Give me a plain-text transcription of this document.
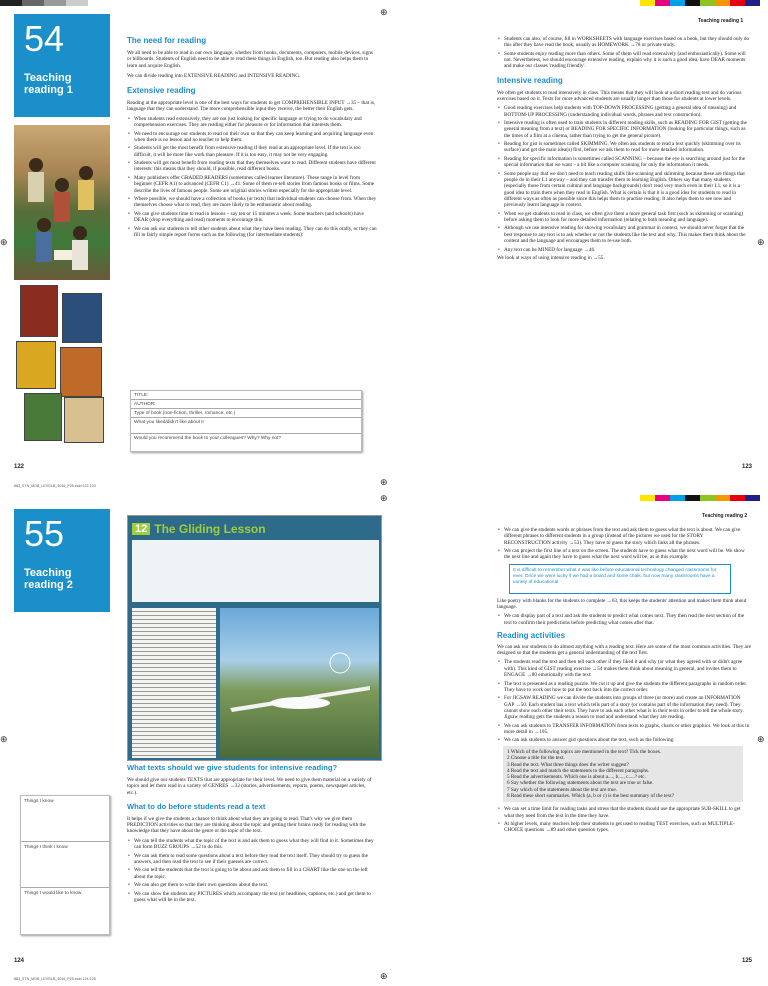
54
Teaching reading 1
The need for reading

We all need to be able to read in our own language, whether from books, documents, computers, mobile devices, signs or billboards. Students of English need to be able to read these things in English, too. But reading also helps them to learn and acquire English.

We can divide reading into EXTENSIVE READING and INTENSIVE READING.

Extensive reading

Reading at the appropriate level is one of the best ways for students to get COMPREHENSIBLE INPUT →35 – that is, language that they can understand. The more comprehensible input they receive, the better their English gets.

• When students read extensively, they are not just looking for specific language or trying to do vocabulary and comprehension exercises. They are reading either for pleasure or for information that interests them.
• We need to encourage our students to read on their own so that they can keep learning and acquiring language even when there is no lesson and no teacher to help them.
• Students will get the most benefit from extensive reading if they read at an appropriate level. If the text is too difficult, it will be more like work than pleasure. If it is too easy, it may not be very engaging.
• Students will get most benefit from reading texts that they themselves want to read. Different students have different interests: this means that they should, if possible, read different books.
• Many publishers offer GRADED READERS (sometimes called learner literature). These range in level from beginner (CEFR A1) to advanced (CEFR C1) →41. Some of them re-tell stories from famous books or films. Some describe the lives of famous people. Some are original stories written especially for the appropriate level.
• Where possible, we should have a collection of books (or texts) that individual students can choose from. When they themselves choose what to read, they are more likely to be enthusiastic about reading.
• We can give students time to read in lessons – say ten or 15 minutes a week. Some teachers (and schools) have DEAR (drop everything and read) moments to encourage this.
• We can ask our students to tell other students about what they have been reading. They can do this orally, or they can fill in fairly simple report forms such as the following (for intermediate students):
TITLE:
AUTHOR:
Type of book (non-fiction, thriller, romance, etc.)
What you liked/didn't like about it
Would you recommend the book to your colleagues? Why? Why not?
122
Teaching reading 1
• Students can also, of course, fill in WORKSHEETS with language exercises based on a book, but they should only do this after they have read the book, usually as HOMEWORK →78 or private study.
• Some students enjoy reading more than others. Some of them will read extensively (and enthusiastically). Some will not. Nevertheless, we should encourage extensive reading, explain why it is such a good idea, have DEAR moments and make our classes 'reading friendly'.
Intensive reading

We often get students to read intensively in class. This means that they will look at a short reading text and do various exercises based on it. Texts for more advanced students are usually longer than those for students at lower levels.

• Good reading exercises help students with TOP-DOWN PROCESSING (getting a general idea of meaning) and BOTTOM-UP PROCESSING (understanding individual words, phrases and text construction).
• Intensive reading is often used to train students in different reading skills, such as READING FOR GIST (getting the general meaning from a text) or READING FOR SPECIFIC INFORMATION (looking for particular things, such as the times of a film at a cinema, rather than trying to get the general picture).
• Reading for gist is sometimes called SKIMMING. We often ask students to read a text quickly (skimming over its surface) and get the main idea(s) first, before we ask them to read for more detailed information.
• Reading for specific information is sometimes called SCANNING – because the eye is searching around just for the special information that we want – a bit like a computer scanning for only the information it needs.
• Some people say that we don't need to teach reading skills like scanning and skimming because these are things that people do in their L1 anyway – and they can transfer them to learning English. Others say that many students (especially those from certain cultural and language backgrounds) don't read very much even in their L1, so it is a good idea to train them when they read in English. What is certain is that it is a good idea for students to read in different ways as often as possible since this helps them to practise reading. It also helps them to see now and previously learnt language in context.
• When we get students to read in class, we often give them a more general task first (such as skimming or scanning) before asking them to look for more detailed information (relating to both meaning and language).
• Although we use intensive reading for showing vocabulary and grammar in context, we should never forget that the best response to any text is to ask whether or not the students like the text and why. This makes them think about the content and the language and encourages them to re-use both.
• Any text can be MINED for language →46.

We look at ways of using intensive reading in →55.

123
883_STN_MOB_LEVGLB_3016_P25.indd 122-123
⊕
⊕
⊕
⊕
⊕
⊕	⊕
⊕
55
Teaching reading 2
12 The Gliding Lesson
What texts should we give students for intensive reading?

We should give our students TEXTS that are appropriate for their level. We need to give them material on a variety of topics and let them read in a variety of GENRES →32 (stories, advertisements, reports, poems, newspaper articles, etc.).

What to do before students read a text

It helps if we give the students a chance to think about what they are going to read. That's why we give them PREDICTION activities so that they are thinking about the topic and getting their brains ready for reading with the knowledge that they have about the genre or the topic of the text.

• We can tell the students what the topic of the text is and ask them to guess what they will find in it. Sometimes they can form BUZZ GROUPS →52 to do this.
• We can ask them to read some questions about a text before they read the text itself. They should try to guess the answers, and then read the text to see if their guesses are correct.
• We can tell the students that the text is going to be about and ask them to fill in a CHART like the one on the left about the topic.
• We can also get them to write their own questions about the text.
• We can show the students any PICTURES which accompany the text (or headlines, captions, etc.) and get them to guess what will be in the text.
Things I know
Things I think I know
Things I would like to know
124
Teaching reading 2
• We can give the students words or phrases from the text and ask them to guess what the text is about. We can give different phrases to different students in a group (instead of the pictures we used for the STORY RECONSTRUCTION activity →53). They have to guess the story which links all the phrases.
• We can project the first line of a text on the screen. The students have to guess what the next word will be. We show the next line and again they have to guess what the next word will be, as in this example:
It is difficult to remember what it was like before educational technology changed classrooms for ever. Once we were lucky if we had a board and some chalk, but now many classrooms have a variety of educational

Like poetry with blanks for the students to complete →63, this keeps the students' attention and makes them think about language.

• We can display part of a text and ask the students to predict what comes next. They then read the next section of the text to confirm their predictions before predicting what comes after that.
Reading activities

We can ask our students to do almost anything with a reading text. Here are some of the most common activities. They are designed so that the students get a general understanding of the text first.

• The students read the text and then tell each other if they liked it and why (or what they agreed with or didn't agree with). This kind of GIST reading exercise →54 makes them think about meaning in general, and invites them to ENGAGE →80 emotionally with the text.
• The text is presented as a reading puzzle. We cut it up and give the students the different paragraphs in random order. They have to work out how to put the text back into the correct order.
• For JIGSAW READING we can divide the students into groups of three (or more) and create an INFORMATION GAP →50. Each student has a text which tells part of a story (or contains part of the information they need). They cannot show each other their texts. They have to ask each other what is in their texts in order to tell the whole story. Jigsaw reading gets the students a reason to read and understand what they are reading.
• We can ask students to TRANSFER INFORMATION from texts to graphs, charts or other graphics. We look at this in more detail in →105.
• We can ask students to answer gist questions about the text, such as the following:
1 Which of the following topics are mentioned in the text? Tick the boxes.
2 Choose a title for the text.
3 Read the text. What three things does the writer suggest?
4 Read the text and match the statements to the different paragraphs.
5 Read the advertisements. Which one is about a...., b...., c.....? etc.
6 Say whether the following statements about the text are true or false.
7 Say which of the statements about the text are true.
8 Read these short summaries. Which (a, b or c) is the best summary of the text?
• We can set a time limit for reading tasks and stress that the students should use the appropriate SUB-SKILL to get what they need from the text in the time they have.
• At higher levels, many teachers help their students to get used to reading TEST exercises, such as MULTIPLE-CHOICE questions →89 and other question types.
125
883_STN_MOB_LEVGLB_3016_P25.indd 124-125
